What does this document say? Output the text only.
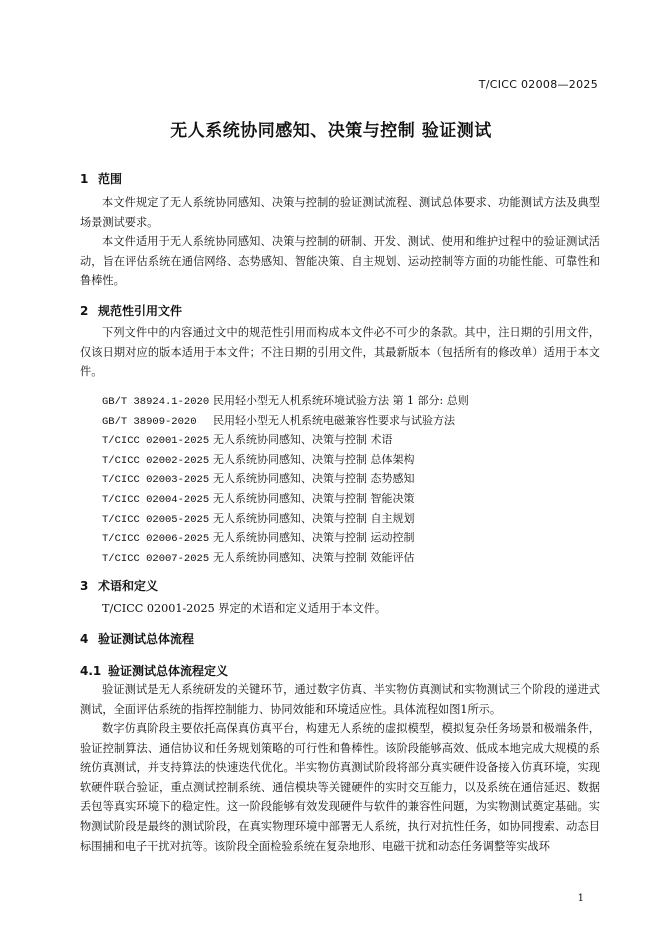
T/CICC 02008—2025
无人系统协同感知、决策与控制 验证测试
1 范围

本文件规定了无人系统协同感知、决策与控制的验证测试流程、测试总体要求、功能测试方法及典型场景测试要求。

本文件适用于无人系统协同感知、决策与控制的研制、开发、测试、使用和维护过程中的验证测试活动，旨在评估系统在通信网络、态势感知、智能决策、自主规划、运动控制等方面的功能性能、可靠性和鲁棒性。

2 规范性引用文件

下列文件中的内容通过文中的规范性引用而构成本文件必不可少的条款。其中，注日期的引用文件，仅该日期对应的版本适用于本文件；不注日期的引用文件，其最新版本（包括所有的修改单）适用于本文件。

GB/T 38924.1-2020 民用轻小型无人机系统环境试验方法 第 1 部分: 总则
GB/T 38909-2020 民用轻小型无人机系统电磁兼容性要求与试验方法
T/CICC 02001-2025 无人系统协同感知、决策与控制 术语
T/CICC 02002-2025 无人系统协同感知、决策与控制 总体架构
T/CICC 02003-2025 无人系统协同感知、决策与控制 态势感知
T/CICC 02004-2025 无人系统协同感知、决策与控制 智能决策
T/CICC 02005-2025 无人系统协同感知、决策与控制 自主规划
T/CICC 02006-2025 无人系统协同感知、决策与控制 运动控制
T/CICC 02007-2025 无人系统协同感知、决策与控制 效能评估
3 术语和定义

T/CICC 02001-2025 界定的术语和定义适用于本文件。

4 验证测试总体流程
4.1 验证测试总体流程定义

验证测试是无人系统研发的关键环节，通过数字仿真、半实物仿真测试和实物测试三个阶段的递进式测试，全面评估系统的指挥控制能力、协同效能和环境适应性。具体流程如图1所示。

数字仿真阶段主要依托高保真仿真平台，构建无人系统的虚拟模型，模拟复杂任务场景和极端条件，验证控制算法、通信协议和任务规划策略的可行性和鲁棒性。该阶段能够高效、低成本地完成大规模的系统仿真测试，并支持算法的快速迭代优化。半实物仿真测试阶段将部分真实硬件设备接入仿真环境，实现软硬件联合验证，重点测试控制系统、通信模块等关键硬件的实时交互能力，以及系统在通信延迟、数据丢包等真实环境下的稳定性。这一阶段能够有效发现硬件与软件的兼容性问题，为实物测试奠定基础。实物测试阶段是最终的测试阶段，在真实物理环境中部署无人系统，执行对抗性任务，如协同搜索、动态目标围捕和电子干扰对抗等。该阶段全面检验系统在复杂地形、电磁干扰和动态任务调整等实战环

1
